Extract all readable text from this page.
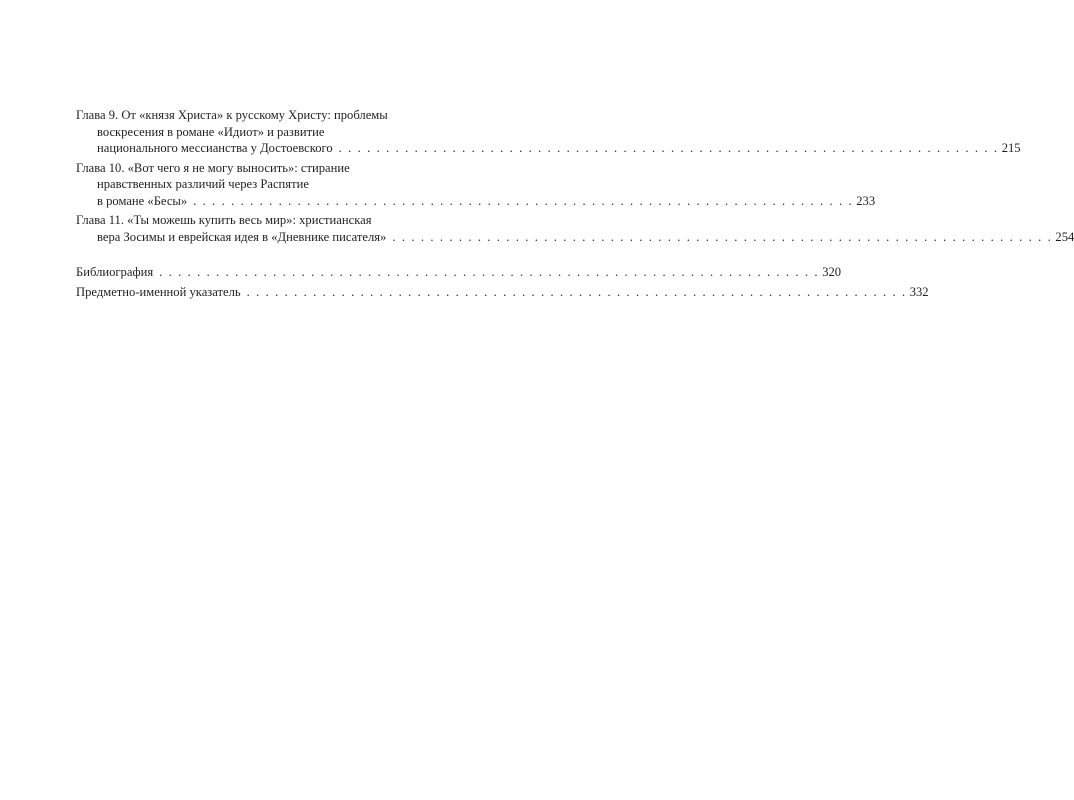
Глава 9. От «князя Христа» к русскому Христу: проблемы
воскресения в романе «Идиот» и развитие
национального мессианства у Достоевского . . . . . . . . . . . . . . . . . . . . . . . . . . . . . . . . . . . . . . . . . . . . . . . . . . . . . . . . . . . . . . . . . . . . . . 215
Глава 10. «Вот чего я не могу выносить»: стирание
нравственных различий через Распятие
в романе «Бесы» . . . . . . . . . . . . . . . . . . . . . . . . . . . . . . . . . . . . . . . . . . . . . . . . . . . . . . . . . . . . . . . . . . . . . . 233
Глава 11. «Ты можешь купить весь мир»: христианская
вера Зосимы и еврейская идея в «Дневнике писателя» . . . . . . . . . . . . . . . . . . . . . . . . . . . . . . . . . . . . . . . . . . . . . . . . . . . . . . . . . . . . . . . . . . . . . . 254
Библиография . . . . . . . . . . . . . . . . . . . . . . . . . . . . . . . . . . . . . . . . . . . . . . . . . . . . . . . . . . . . . . . . . . . . . . 320
Предметно-именной указатель . . . . . . . . . . . . . . . . . . . . . . . . . . . . . . . . . . . . . . . . . . . . . . . . . . . . . . . . . . . . . . . . . . . . . . 332
